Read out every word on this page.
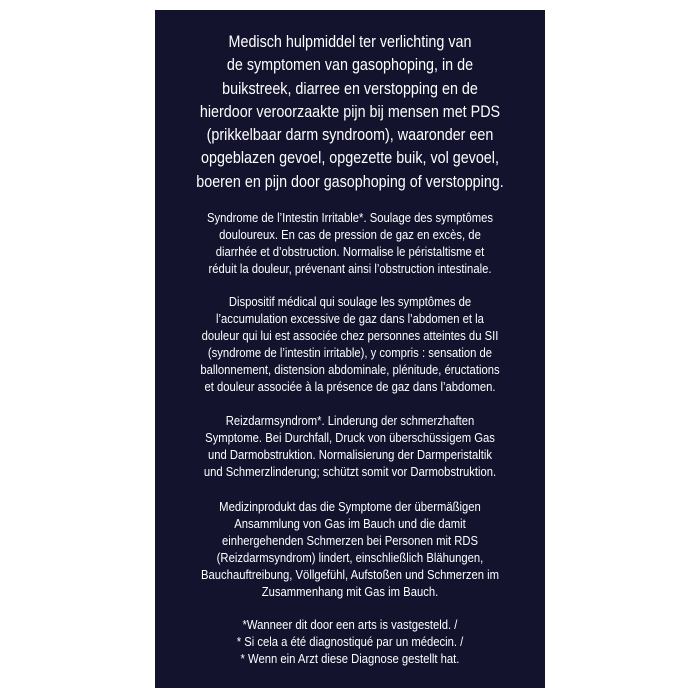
Medisch hulpmiddel ter verlichting van
de symptomen van gasophoping, in de
buikstreek, diarree en verstopping en de
hierdoor veroorzaakte pijn bij mensen met PDS
(prikkelbaar darm syndroom), waaronder een
opgeblazen gevoel, opgezette buik, vol gevoel,
boeren en pijn door gasophoping of verstopping.
Syndrome de l’Intestin Irritable*. Soulage des symptômes
douloureux. En cas de pression de gaz en excès, de
diarrhée et d’obstruction. Normalise le péristaltisme et
réduit la douleur, prévenant ainsi l’obstruction intestinale.
Dispositif médical qui soulage les symptômes de
l’accumulation excessive de gaz dans l’abdomen et la
douleur qui lui est associée chez personnes atteintes du SII
(syndrome de l’intestin irritable), y compris : sensation de
ballonnement, distension abdominale, plénitude, éructations
et douleur associée à la présence de gaz dans l’abdomen.
Reizdarmsyndrom*. Linderung der schmerzhaften
Symptome. Bei Durchfall, Druck von überschüssigem Gas
und Darmobstruktion. Normalisierung der Darmperistaltik
und Schmerzlinderung; schützt somit vor Darmobstruktion.
Medizinprodukt das die Symptome der übermäßigen
Ansammlung von Gas im Bauch und die damit
einhergehenden Schmerzen bei Personen mit RDS
(Reizdarmsyndrom) lindert, einschließlich Blähungen,
Bauchauftreibung, Völlgefühl, Aufstoßen und Schmerzen im
Zusammenhang mit Gas im Bauch.
*Wanneer dit door een arts is vastgesteld. /
* Si cela a été diagnostiqué par un médecin. /
* Wenn ein Arzt diese Diagnose gestellt hat.
